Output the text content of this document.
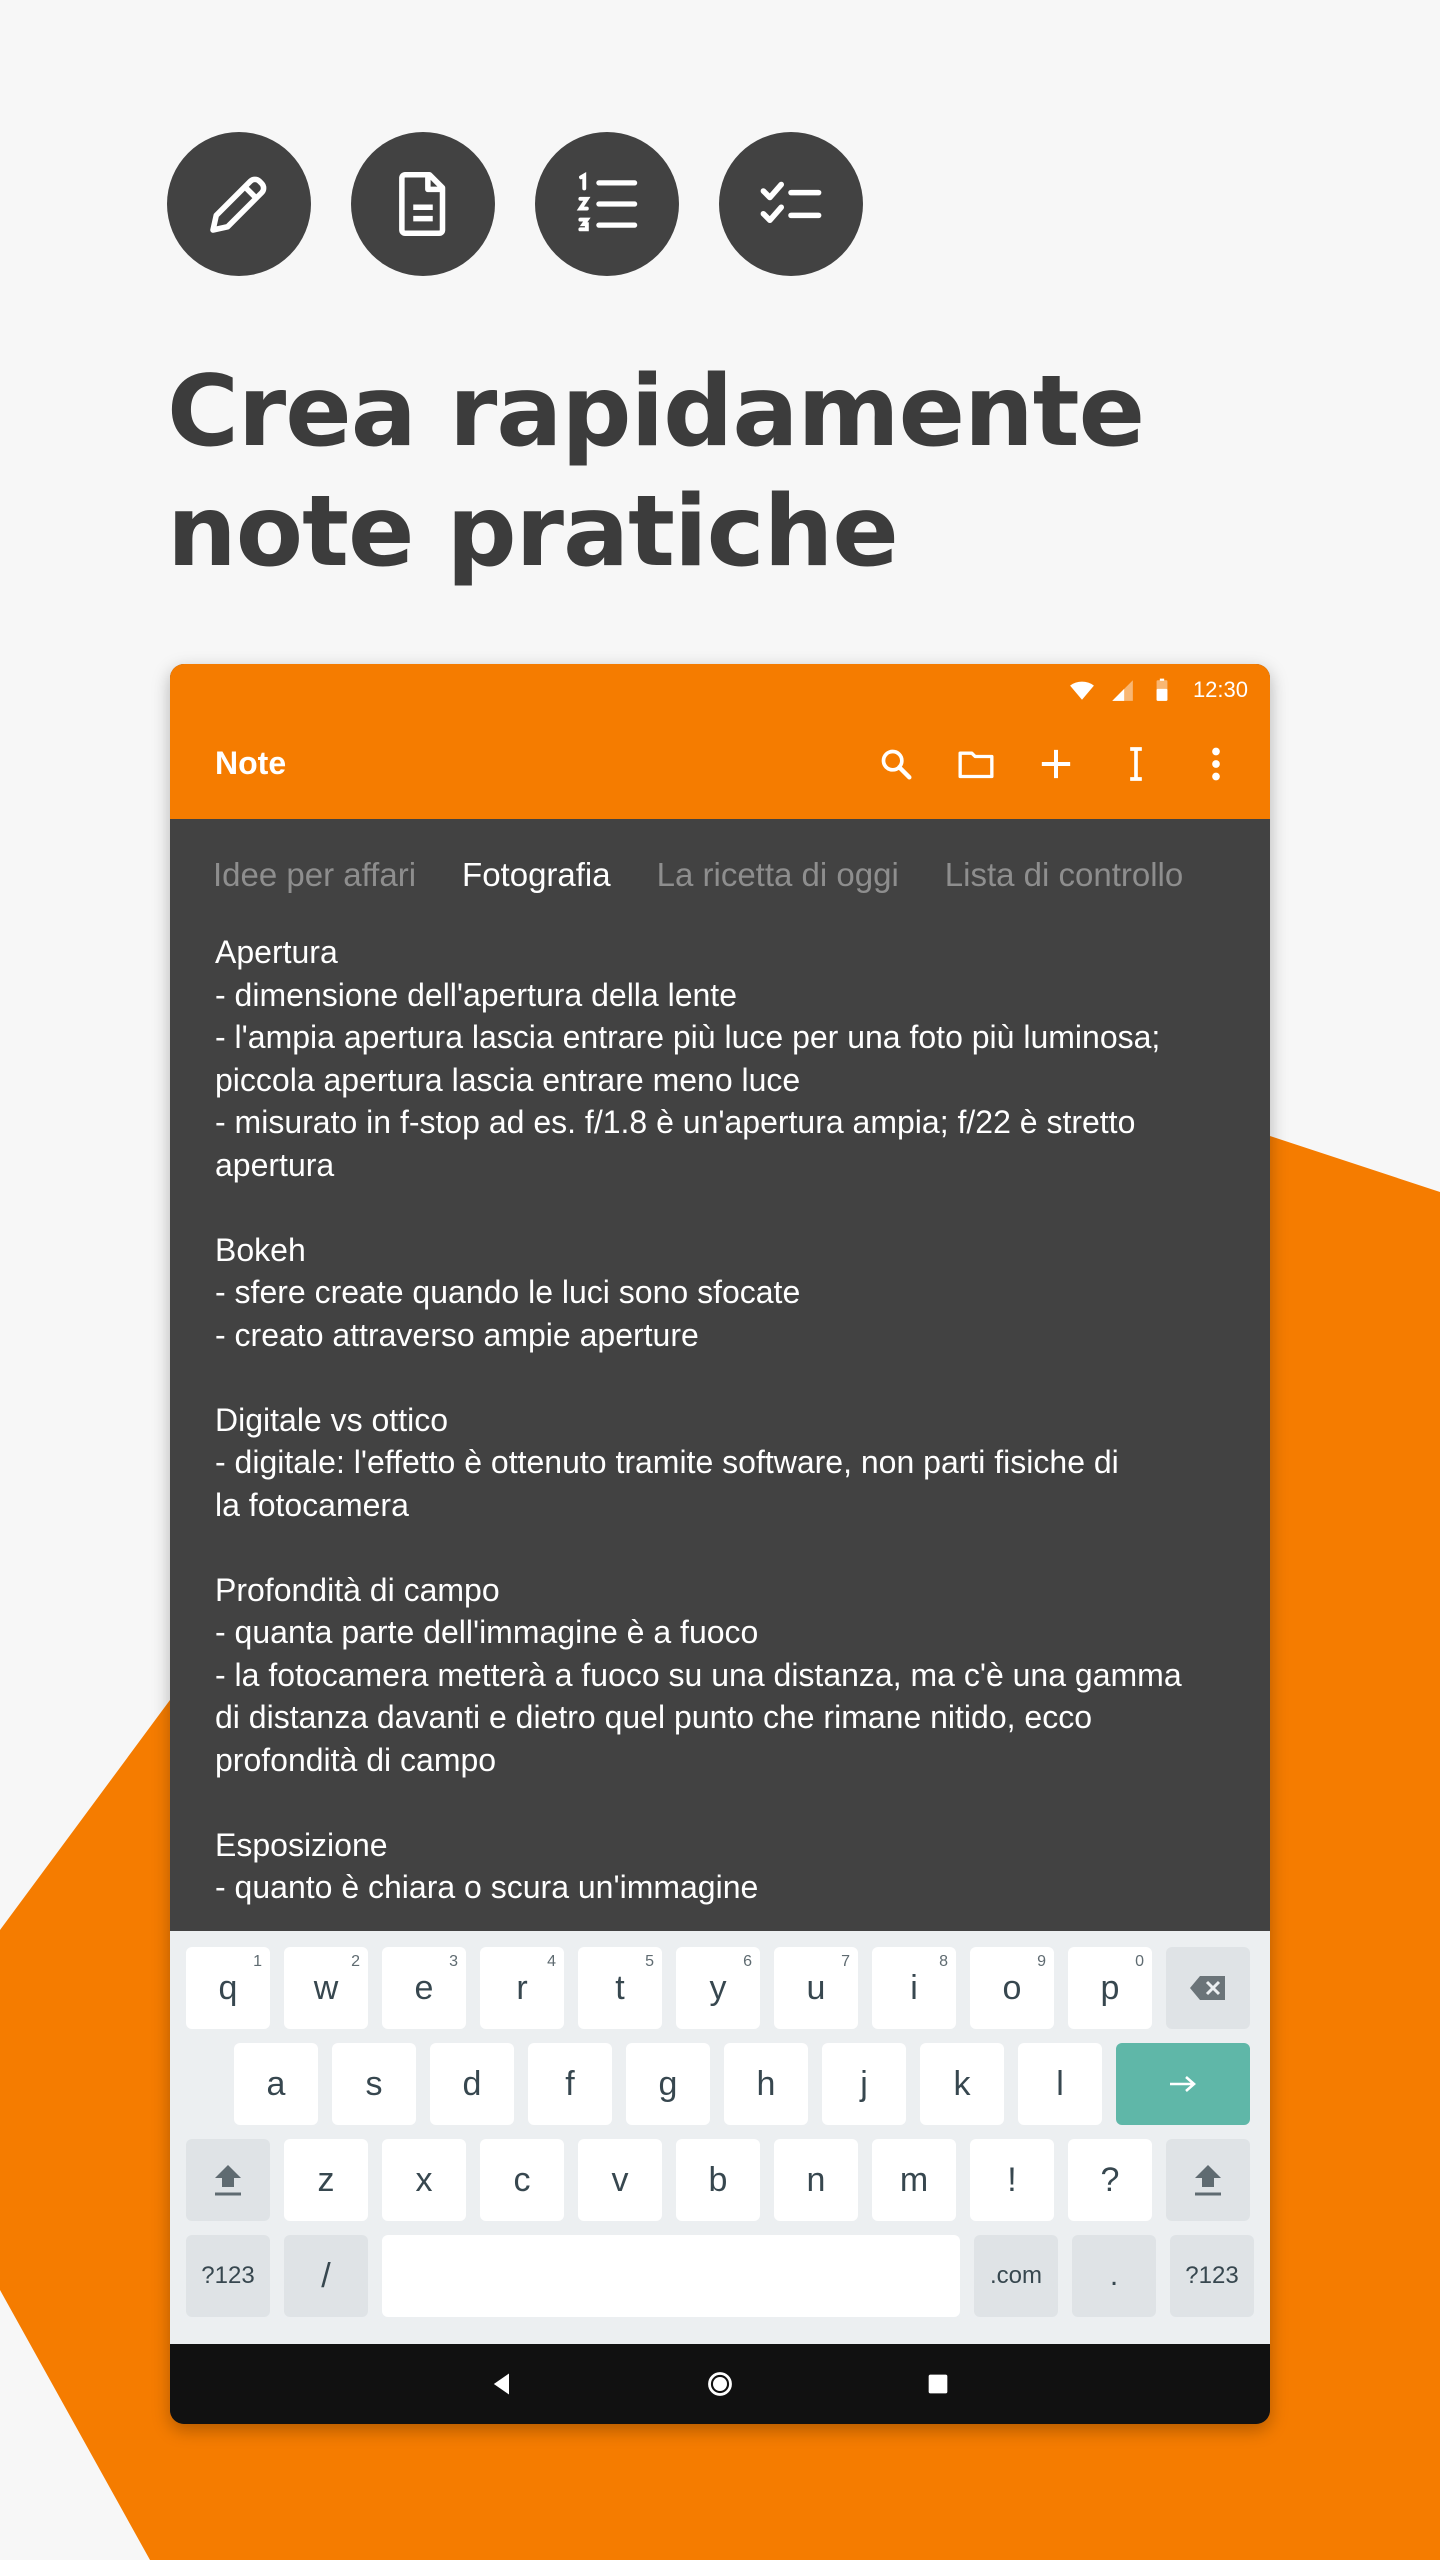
Crea rapidamente
note pratiche
12:30
Note
Idee per affari Fotografia La ricetta di oggi Lista di controllo
Apertura
- dimensione dell'apertura della lente
- l'ampia apertura lascia entrare più luce per una foto più luminosa;
piccola apertura lascia entrare meno luce
- misurato in f-stop ad es. f/1.8 è un'apertura ampia; f/22 è stretto
apertura
Bokeh
- sfere create quando le luci sono sfocate
- creato attraverso ampie aperture
Digitale vs ottico
- digitale: l'effetto è ottenuto tramite software, non parti fisiche di
la fotocamera
Profondità di campo
- quanta parte dell'immagine è a fuoco
- la fotocamera metterà a fuoco su una distanza, ma c'è una gamma
di distanza davanti e dietro quel punto che rimane nitido, ecco
profondità di campo
Esposizione
- quanto è chiara o scura un'immagine
q
1
w
2
e
3
r
4
t
5
y
6
u
7
i
8
o
9
p
0
a	s	d	f	g	h	j	k	l
z	x	c	v	b	n	m	!	?
?123	/	.com	.	?123
